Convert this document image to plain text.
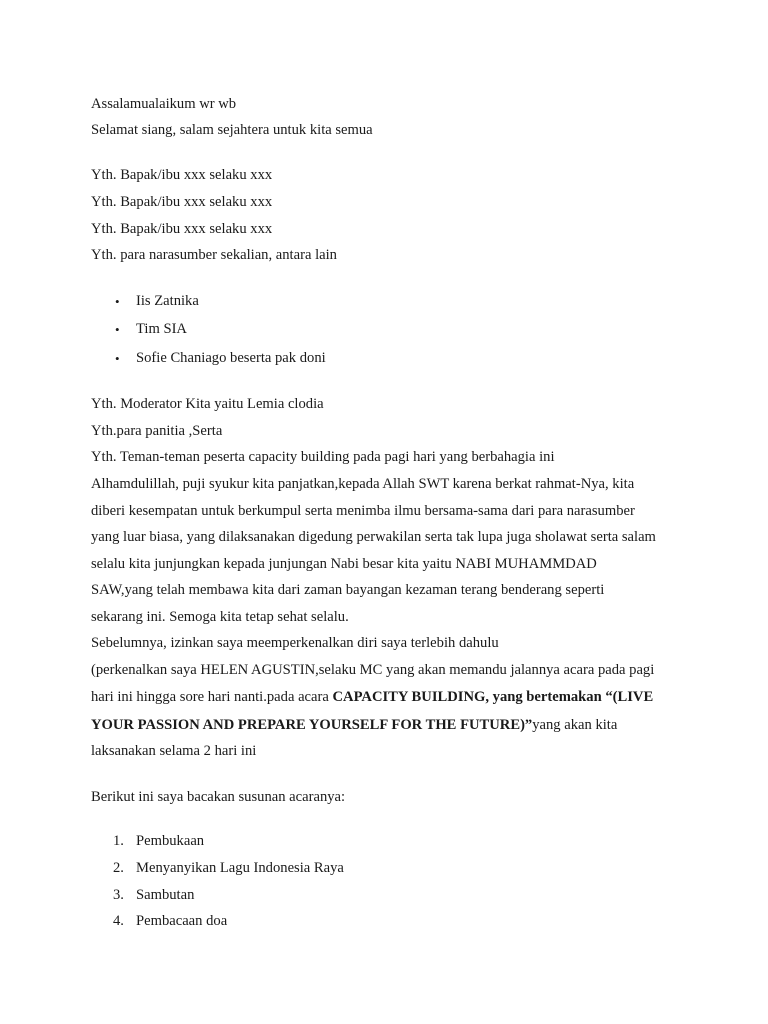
Assalamualaikum wr wb
Selamat siang, salam sejahtera untuk kita semua
Yth. Bapak/ibu xxx selaku xxx
Yth. Bapak/ibu xxx selaku xxx
Yth. Bapak/ibu xxx selaku xxx
Yth. para narasumber sekalian, antara lain
• Iis Zatnika
• Tim SIA
• Sofie Chaniago beserta pak doni
Yth. Moderator Kita yaitu Lemia clodia
Yth.para panitia ,Serta
Yth. Teman-teman peserta capacity building pada pagi hari yang berbahagia ini
Alhamdulillah, puji syukur kita panjatkan,kepada Allah SWT karena berkat rahmat-Nya, kita
diberi kesempatan untuk berkumpul serta menimba ilmu bersama-sama dari para narasumber
yang luar biasa, yang dilaksanakan digedung perwakilan serta tak lupa juga sholawat serta salam
selalu kita junjungkan kepada junjungan Nabi besar kita yaitu NABI MUHAMMDAD
SAW,yang telah membawa kita dari zaman bayangan kezaman terang benderang seperti
sekarang ini. Semoga kita tetap sehat selalu.
Sebelumnya, izinkan saya meemperkenalkan diri saya terlebih dahulu
(perkenalkan saya HELEN AGUSTIN,selaku MC yang akan memandu jalannya acara pada pagi
hari ini hingga sore hari nanti.pada acara CAPACITY BUILDING, yang bertemakan “(LIVE
YOUR PASSION AND PREPARE YOURSELF FOR THE FUTURE)”yang akan kita
laksanakan selama 2 hari ini
Berikut ini saya bacakan susunan acaranya:
1. Pembukaan
2. Menyanyikan Lagu Indonesia Raya
3. Sambutan
4. Pembacaan doa
